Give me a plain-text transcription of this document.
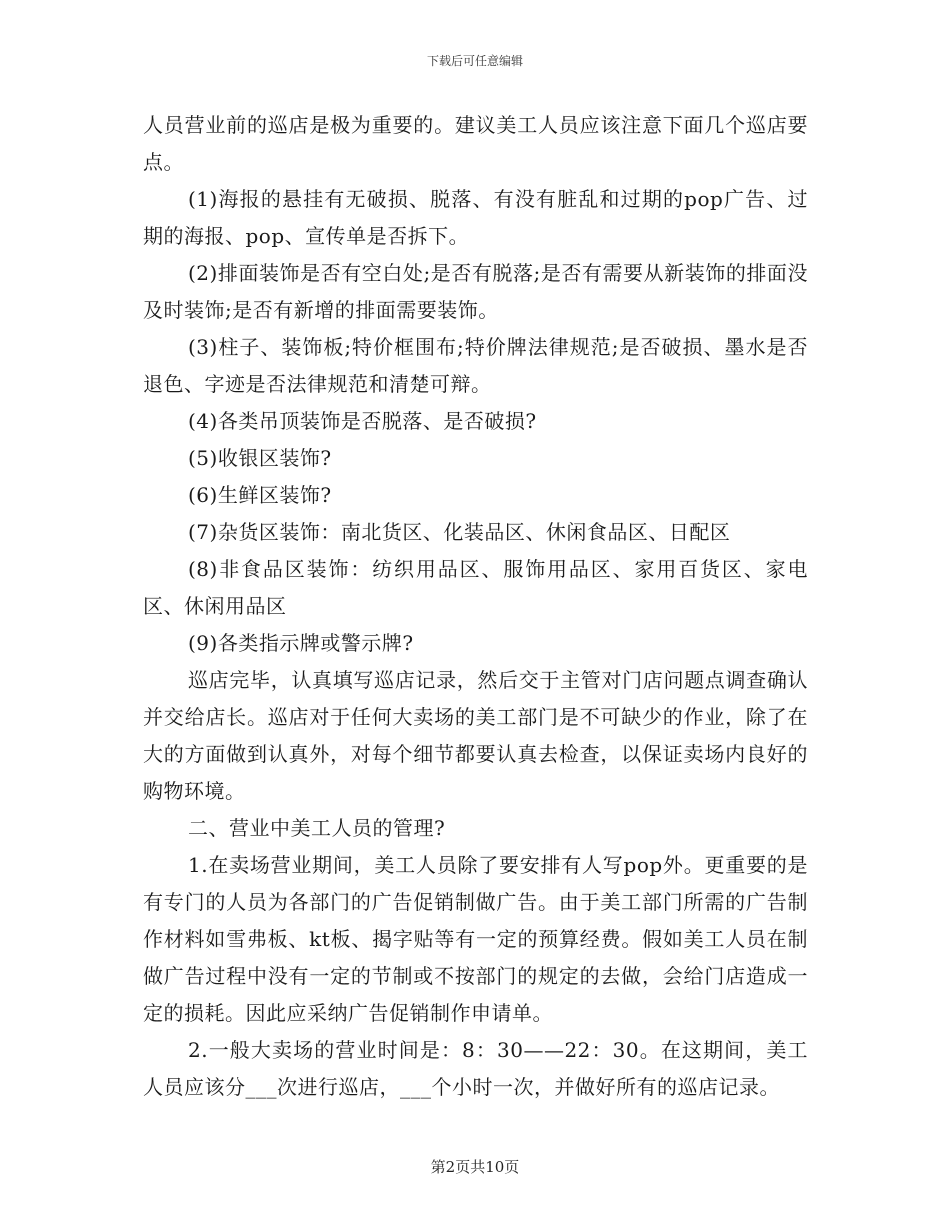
下载后可任意编辑

人员营业前的巡店是极为重要的。建议美工人员应该注意下面几个巡店要点。

(1)海报的悬挂有无破损、脱落、有没有脏乱和过期的pop广告、过期的海报、pop、宣传单是否拆下。

(2)排面装饰是否有空白处;是否有脱落;是否有需要从新装饰的排面没及时装饰;是否有新增的排面需要装饰。

(3)柱子、装饰板;特价框围布;特价牌法律规范;是否破损、墨水是否退色、字迹是否法律规范和清楚可辩。

(4)各类吊顶装饰是否脱落、是否破损?

(5)收银区装饰?

(6)生鲜区装饰?

(7)杂货区装饰：南北货区、化装品区、休闲食品区、日配区

(8)非食品区装饰：纺织用品区、服饰用品区、家用百货区、家电区、休闲用品区

(9)各类指示牌或警示牌?

巡店完毕，认真填写巡店记录，然后交于主管对门店问题点调查确认并交给店长。巡店对于任何大卖场的美工部门是不可缺少的作业，除了在大的方面做到认真外，对每个细节都要认真去检查，以保证卖场内良好的购物环境。

二、营业中美工人员的管理?

1.在卖场营业期间，美工人员除了要安排有人写pop外。更重要的是有专门的人员为各部门的广告促销制做广告。由于美工部门所需的广告制作材料如雪弗板、kt板、揭字贴等有一定的预算经费。假如美工人员在制做广告过程中没有一定的节制或不按部门的规定的去做，会给门店造成一定的损耗。因此应采纳广告促销制作申请单。

2.一般大卖场的营业时间是：8：30——22：30。在这期间，美工人员应该分___次进行巡店，___个小时一次，并做好所有的巡店记录。

第2页共10页
